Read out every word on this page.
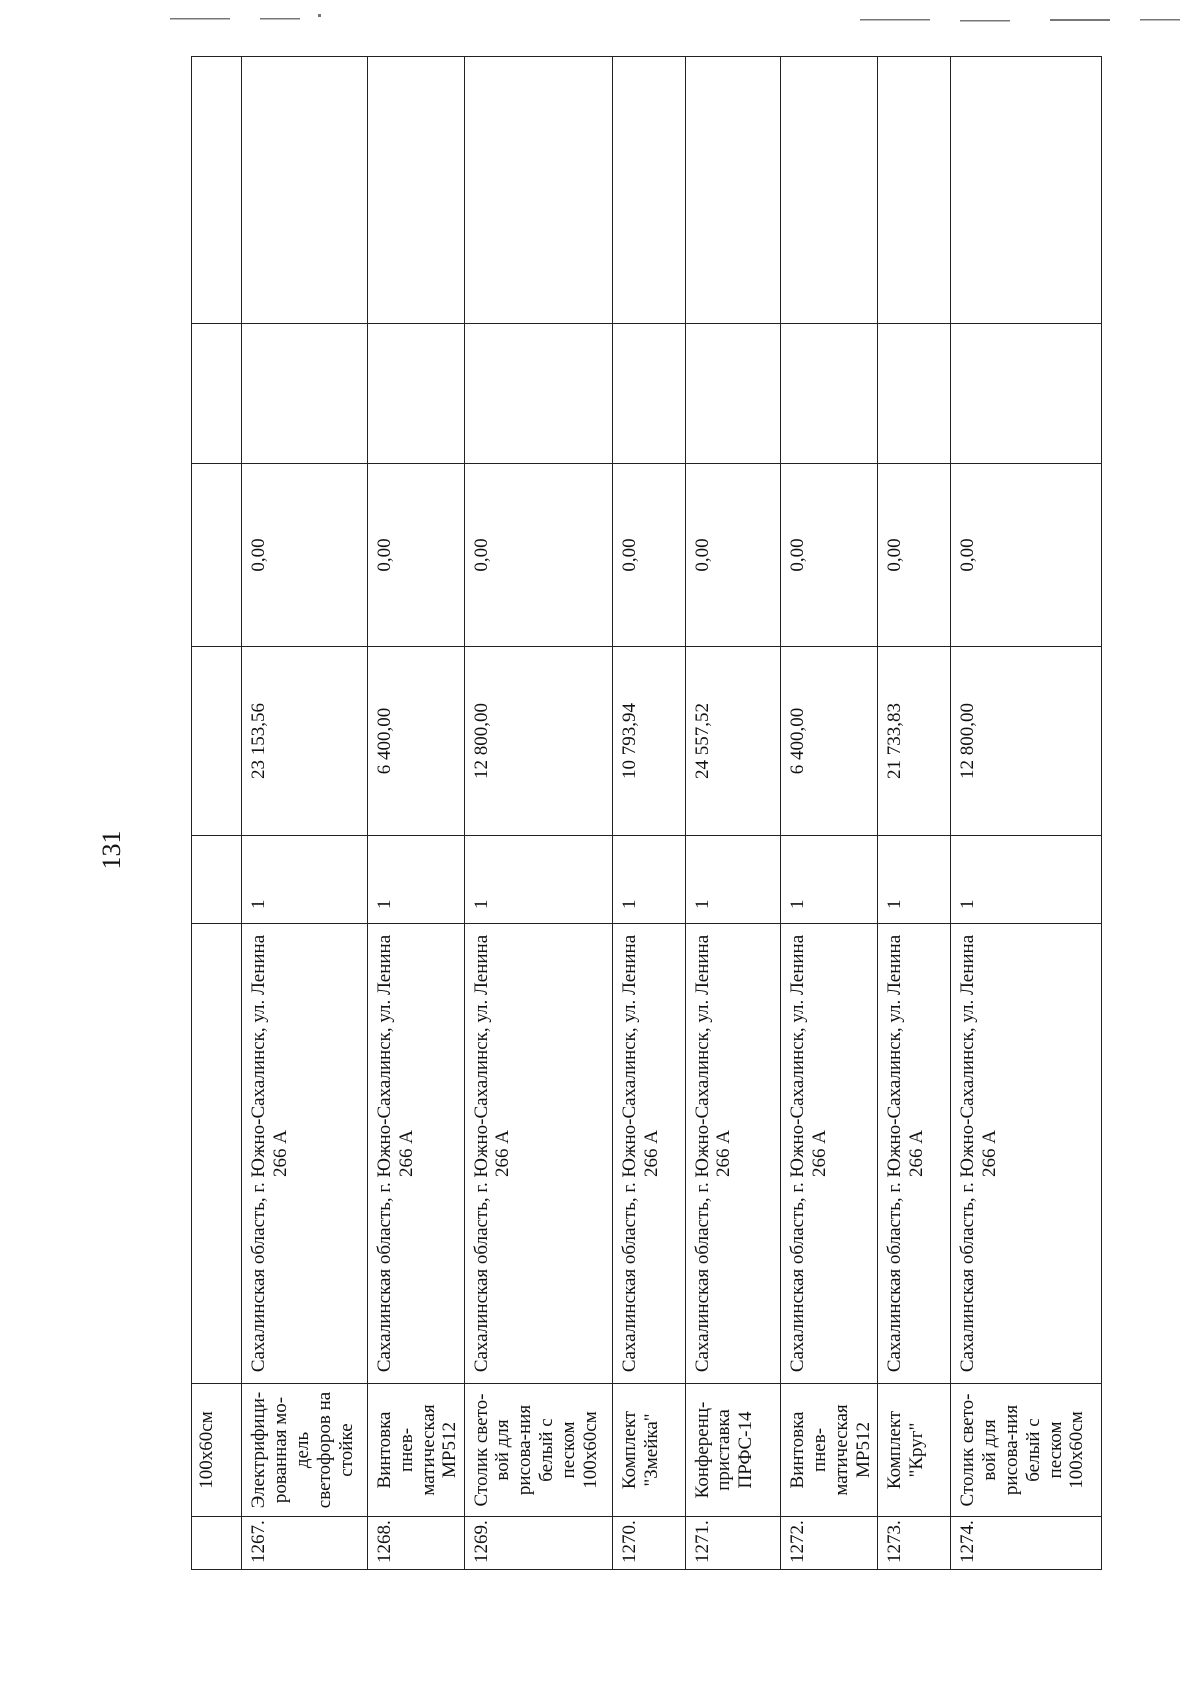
131
	100х60см						
1267.	Электрифици-рованная мо-дель светофоров на стойке	Сахалинская область, г. Южно-Сахалинск, ул. Ленина 266 А	1	23 153,56	0,00		
1268.	Винтовка пнев-матическая МР512	Сахалинская область, г. Южно-Сахалинск, ул. Ленина 266 А	1	6 400,00	0,00		
1269.	Столик свето-вой для рисова-ния белый с песком 100х60см	Сахалинская область, г. Южно-Сахалинск, ул. Ленина 266 А	1	12 800,00	0,00		
1270.	Комплект "Змейка"	Сахалинская область, г. Южно-Сахалинск, ул. Ленина 266 А	1	10 793,94	0,00		
1271.	Конференц-приставка ПРФС-14	Сахалинская область, г. Южно-Сахалинск, ул. Ленина 266 А	1	24 557,52	0,00		
1272.	Винтовка пнев-матическая МР512	Сахалинская область, г. Южно-Сахалинск, ул. Ленина 266 А	1	6 400,00	0,00		
1273.	Комплект "Круг"	Сахалинская область, г. Южно-Сахалинск, ул. Ленина 266 А	1	21 733,83	0,00		
1274.	Столик свето-вой для рисова-ния белый с песком 100х60см	Сахалинская область, г. Южно-Сахалинск, ул. Ленина 266 А	1	12 800,00	0,00		
